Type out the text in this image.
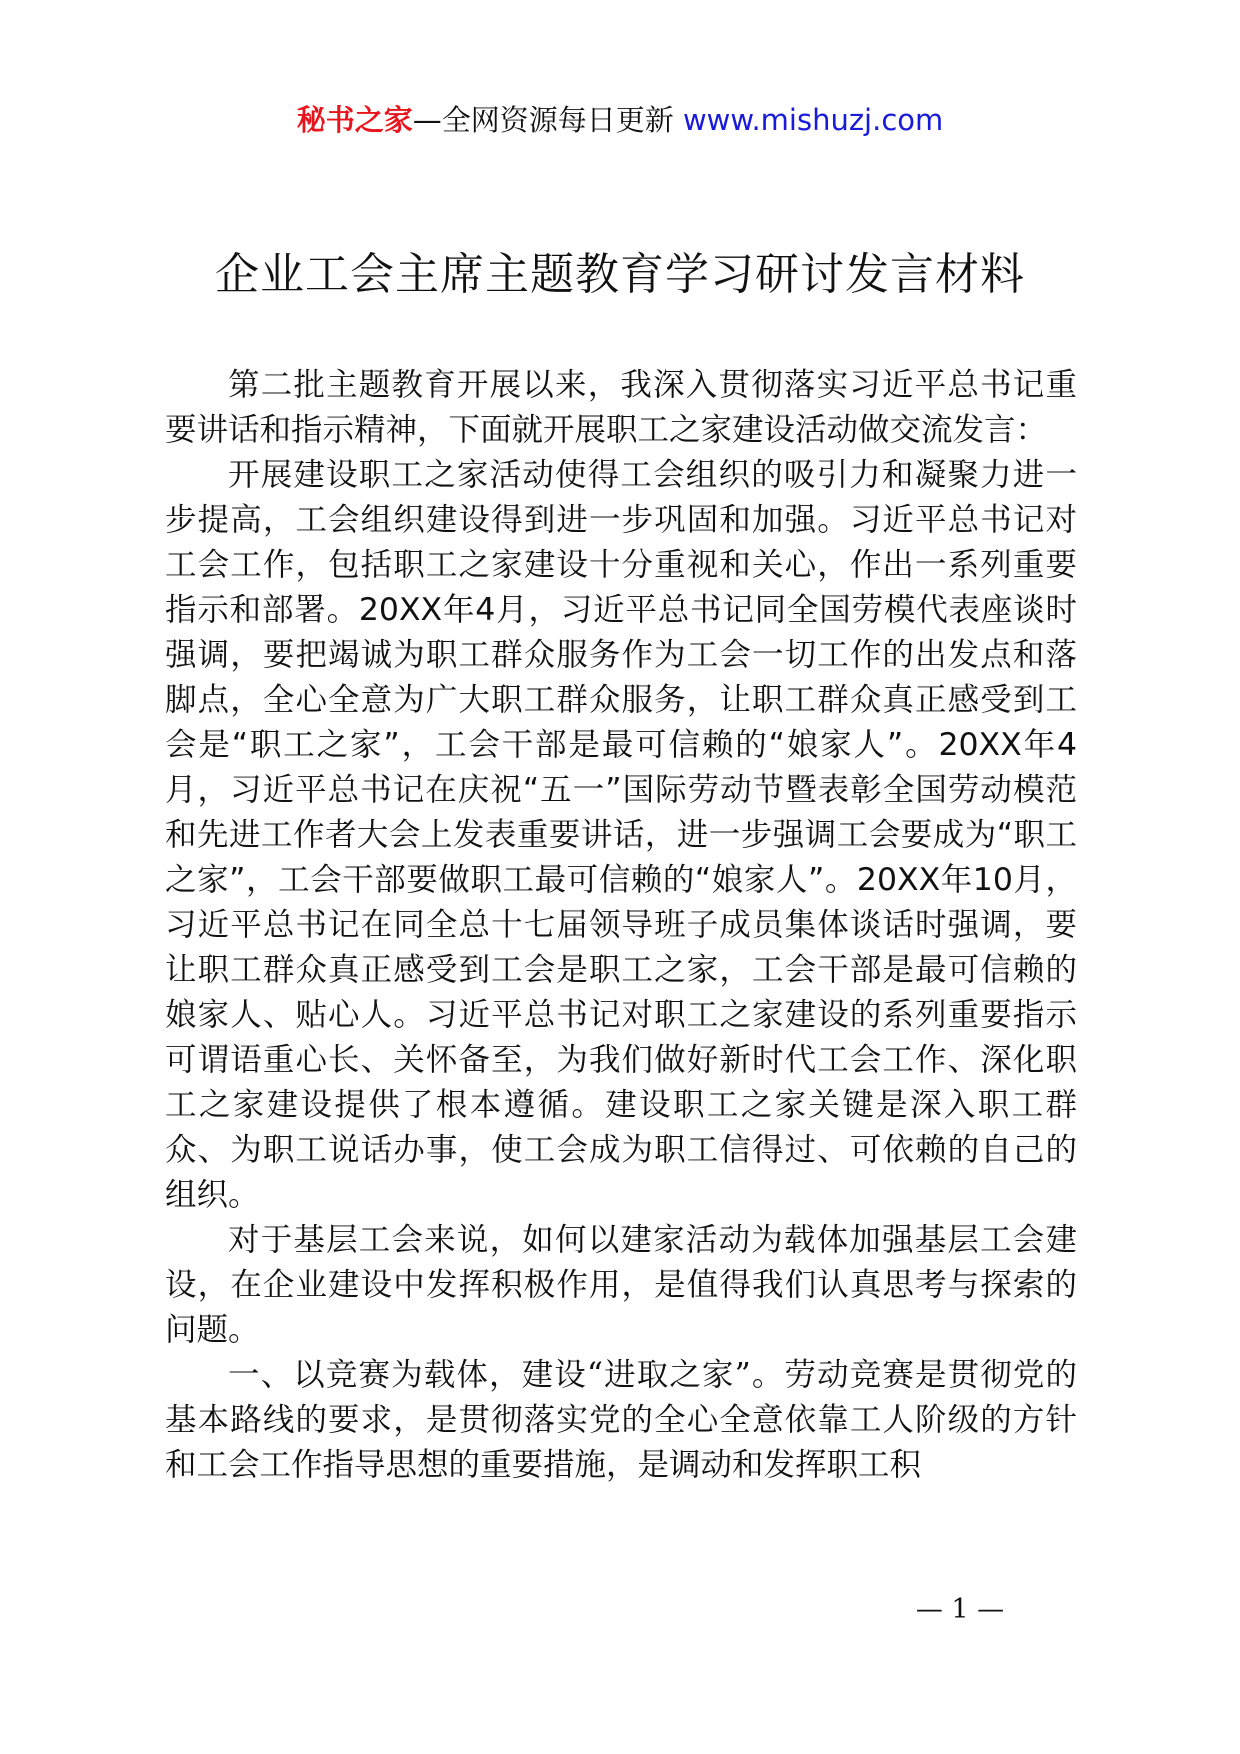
秘书之家—全网资源每日更新 www.mishuzj.com
企业工会主席主题教育学习研讨发言材料

第二批主题教育开展以来，我深入贯彻落实习近平总书记重要讲话和指示精神，下面就开展职工之家建设活动做交流发言：

开展建设职工之家活动使得工会组织的吸引力和凝聚力进一步提高，工会组织建设得到进一步巩固和加强。习近平总书记对工会工作，包括职工之家建设十分重视和关心，作出一系列重要指示和部署。20XX年4月，习近平总书记同全国劳模代表座谈时强调，要把竭诚为职工群众服务作为工会一切工作的出发点和落脚点，全心全意为广大职工群众服务，让职工群众真正感受到工会是“职工之家”，工会干部是最可信赖的“娘家人”。20XX年4月，习近平总书记在庆祝“五一”国际劳动节暨表彰全国劳动模范和先进工作者大会上发表重要讲话，进一步强调工会要成为“职工之家”，工会干部要做职工最可信赖的“娘家人”。20XX年10月，习近平总书记在同全总十七届领导班子成员集体谈话时强调，要让职工群众真正感受到工会是职工之家，工会干部是最可信赖的娘家人、贴心人。习近平总书记对职工之家建设的系列重要指示可谓语重心长、关怀备至，为我们做好新时代工会工作、深化职工之家建设提供了根本遵循。建设职工之家关键是深入职工群众、为职工说话办事，使工会成为职工信得过、可依赖的自己的组织。

对于基层工会来说，如何以建家活动为载体加强基层工会建设，在企业建设中发挥积极作用，是值得我们认真思考与探索的问题。

一、以竞赛为载体，建设“进取之家”。劳动竞赛是贯彻党的基本路线的要求，是贯彻落实党的全心全意依靠工人阶级的方针和工会工作指导思想的重要措施，是调动和发挥职工积

— 1 —
